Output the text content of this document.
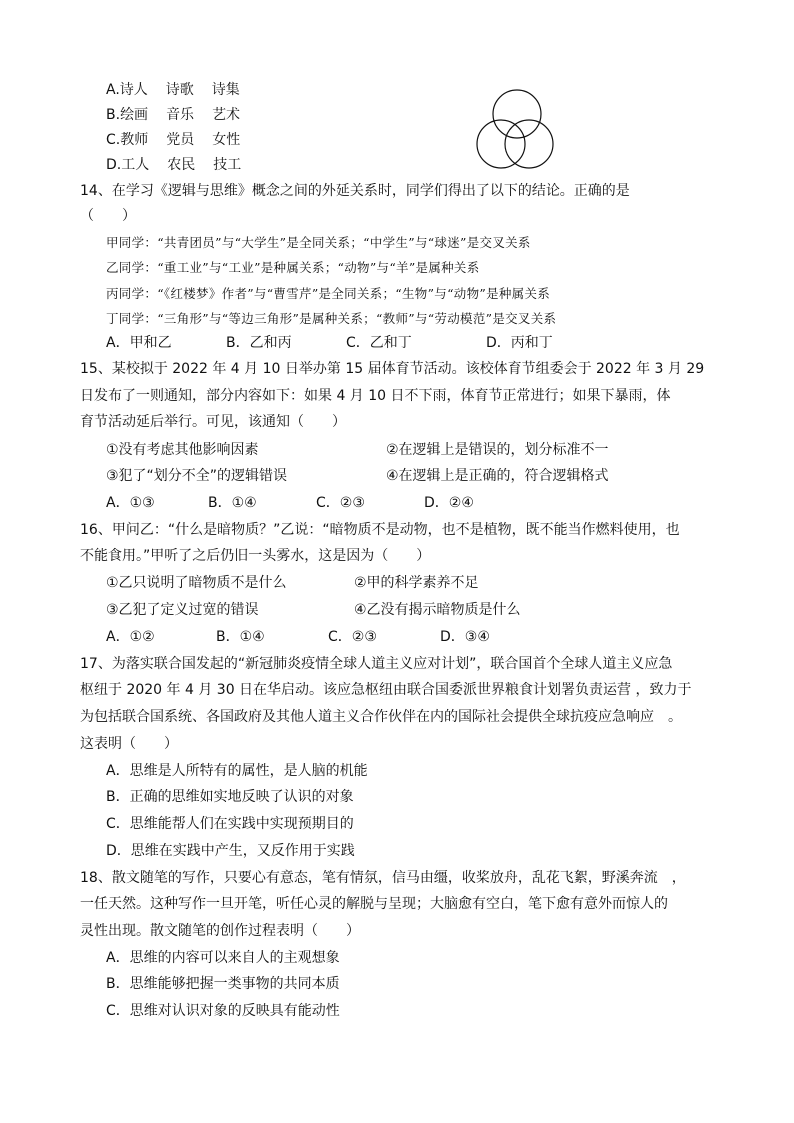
A.诗人 诗歌 诗集
B.绘画 音乐 艺术
C.教师 党员 女性
D.工人 农民 技工
14、在学习《逻辑与思维》概念之间的外延关系时，同学们得出了以下的结论。正确的是
（　　）
甲同学：“共青团员”与“大学生”是全同关系；“中学生”与“球迷”是交叉关系
乙同学：“重工业”与“工业”是种属关系；“动物”与“羊”是属种关系
丙同学：“《红楼梦》作者”与“曹雪芹”是全同关系；“生物”与“动物”是种属关系
丁同学：“三角形”与“等边三角形”是属种关系；“教师”与“劳动模范”是交叉关系
A．甲和乙	B．乙和丙	C．乙和丁	D．丙和丁
15、某校拟于 2022 年 4 月 10 日举办第 15 届体育节活动。该校体育节组委会于 2022 年 3 月 29
日发布了一则通知，部分内容如下：如果 4 月 10 日不下雨，体育节正常进行；如果下暴雨，体
育节活动延后举行。可见，该通知（　　）
①没有考虑其他影响因素	②在逻辑上是错误的，划分标准不一
③犯了“划分不全”的逻辑错误	④在逻辑上是正确的，符合逻辑格式
A．①③	B．①④	C．②③	D．②④
16、甲问乙：“什么是暗物质？”乙说：“暗物质不是动物，也不是植物，既不能当作燃料使用，也
不能食用。”甲听了之后仍旧一头雾水，这是因为（　　）
①乙只说明了暗物质不是什么	②甲的科学素养不足
③乙犯了定义过宽的错误	④乙没有揭示暗物质是什么
A．①②	B．①④	C．②③	D．③④
17、为落实联合国发起的“新冠肺炎疫情全球人道主义应对计划”，联合国首个全球人道主义应急
枢纽于 2020 年 4 月 30 日在华启动。该应急枢纽由联合国委派世界粮食计划署负责运营 ，致力于
为包括联合国系统、各国政府及其他人道主义合作伙伴在内的国际社会提供全球抗疫应急响应　。
这表明（　　）
A．思维是人所特有的属性，是人脑的机能
B．正确的思维如实地反映了认识的对象
C．思维能帮人们在实践中实现预期目的
D．思维在实践中产生，又反作用于实践
18、散文随笔的写作，只要心有意态，笔有情氛，信马由缰，收桨放舟，乱花飞絮，野溪奔流　，
一任天然。这种写作一旦开笔，听任心灵的解脱与呈现；大脑愈有空白，笔下愈有意外而惊人的
灵性出现。散文随笔的创作过程表明（　　）
A．思维的内容可以来自人的主观想象
B．思维能够把握一类事物的共同本质
C．思维对认识对象的反映具有能动性
